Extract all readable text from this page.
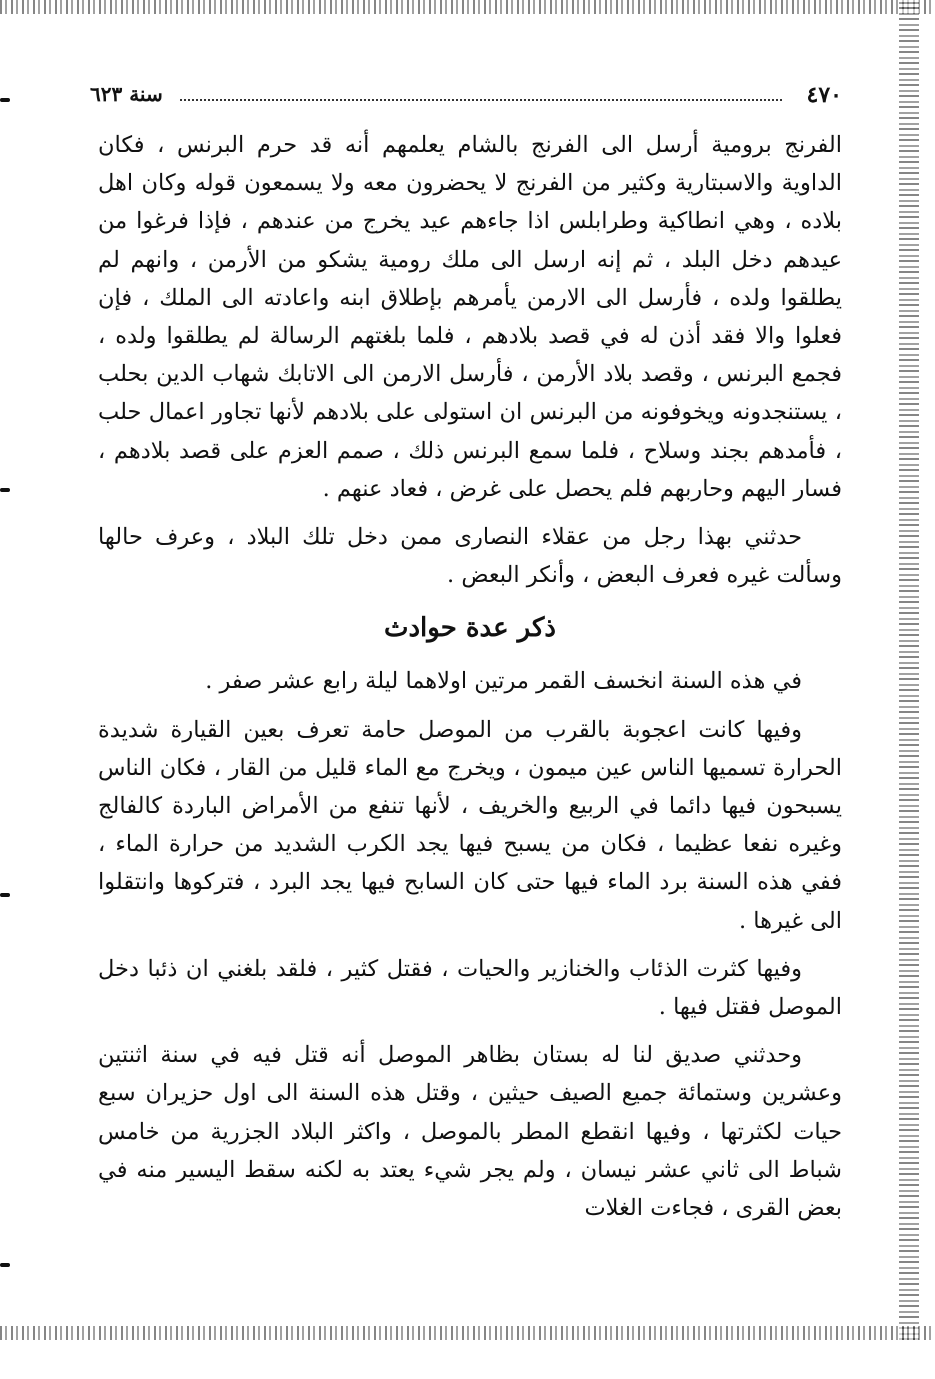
٤٧٠
سنة ٦٢٣

الفرنج برومية أرسل الى الفرنج بالشام يعلمهم أنه قد حرم البرنس ، فكان الداوية والاسبتارية وكثير من الفرنج لا يحضرون معه ولا يسمعون قوله وكان اهل بلاده ، وهي انطاكية وطرابلس اذا جاءهم عيد يخرج من عندهم ، فإذا فرغوا من عيدهم دخل البلد ، ثم إنه ارسل الى ملك رومية يشكو من الأرمن ، وانهم لم يطلقوا ولده ، فأرسل الى الارمن يأمرهم بإطلاق ابنه واعادته الى الملك ، فإن فعلوا والا فقد أذن له في قصد بلادهم ، فلما بلغتهم الرسالة لم يطلقوا ولده ، فجمع البرنس ، وقصد بلاد الأرمن ، فأرسل الارمن الى الاتابك شهاب الدين بحلب ، يستنجدونه ويخوفونه من البرنس ان استولى على بلادهم لأنها تجاور اعمال حلب ، فأمدهم بجند وسلاح ، فلما سمع البرنس ذلك ، صمم العزم على قصد بلادهم ، فسار اليهم وحاربهم فلم يحصل على غرض ، فعاد عنهم .

حدثني بهذا رجل من عقلاء النصارى ممن دخل تلك البلاد ، وعرف حالها وسألت غيره فعرف البعض ، وأنكر البعض .

ذكر عدة حوادث

في هذه السنة انخسف القمر مرتين اولاهما ليلة رابع عشر صفر .

وفيها كانت اعجوبة بالقرب من الموصل حامة تعرف بعين القيارة شديدة الحرارة تسميها الناس عين ميمون ، ويخرج مع الماء قليل من القار ، فكان الناس يسبحون فيها دائما في الربيع والخريف ، لأنها تنفع من الأمراض الباردة كالفالج وغيره نفعا عظيما ، فكان من يسبح فيها يجد الكرب الشديد من حرارة الماء ، ففي هذه السنة برد الماء فيها حتى كان السابح فيها يجد البرد ، فتركوها وانتقلوا الى غيرها .

وفيها كثرت الذئاب والخنازير والحيات ، فقتل كثير ، فلقد بلغني ان ذئبا دخل الموصل فقتل فيها .

وحدثني صديق لنا له بستان بظاهر الموصل أنه قتل فيه في سنة اثنتين وعشرين وستمائة جميع الصيف حيثين ، وقتل هذه السنة الى اول حزيران سبع حيات لكثرتها ، وفيها انقطع المطر بالموصل ، واكثر البلاد الجزرية من خامس شباط الى ثاني عشر نيسان ، ولم يجر شيء يعتد به لكنه سقط اليسير منه في بعض القرى ، فجاءت الغلات
